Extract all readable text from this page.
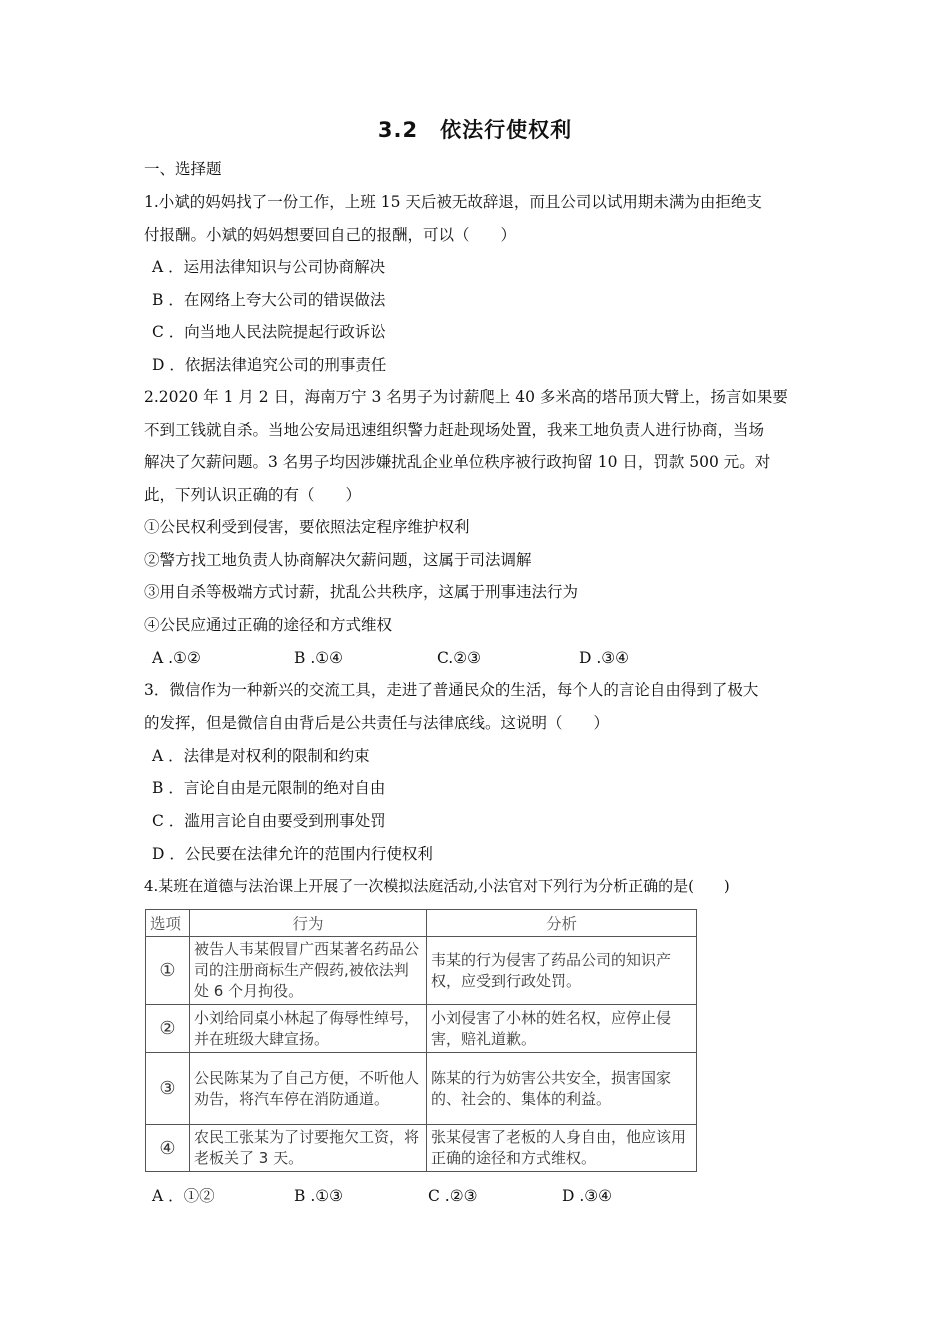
3.2　依法行使权利
一、选择题
1.小斌的妈妈找了一份工作，上班 15 天后被无故辞退，而且公司以试用期未满为由拒绝支
付报酬。小斌的妈妈想要回自己的报酬，可以（　　）
A ．运用法律知识与公司协商解决
B ．在网络上夸大公司的错误做法
C ．向当地人民法院提起行政诉讼
D ．依据法律追究公司的刑事责任
2.2020 年 1 月 2 日，海南万宁 3 名男子为讨薪爬上 40 多米高的塔吊顶大臂上，扬言如果要
不到工钱就自杀。当地公安局迅速组织警力赶赴现场处置，我来工地负责人进行协商，当场
解决了欠薪问题。3 名男子均因涉嫌扰乱企业单位秩序被行政拘留 10 日，罚款 500 元。对
此，下列认识正确的有（　　）
①公民权利受到侵害，要依照法定程序维护权利
②警方找工地负责人协商解决欠薪问题，这属于司法调解
③用自杀等极端方式讨薪，扰乱公共秩序，这属于刑事违法行为
④公民应通过正确的途径和方式维权
A .①②	B .①④	C.②③	D .③④
3．微信作为一种新兴的交流工具，走进了普通民众的生活，每个人的言论自由得到了极大
的发挥，但是微信自由背后是公共责任与法律底线。这说明（　　）
A ．法律是对权利的限制和约束
B ．言论自由是元限制的绝对自由
C ．滥用言论自由要受到刑事处罚
D ．公民要在法律允许的范围内行使权利
4.某班在道德与法治课上开展了一次模拟法庭活动,小法官对下列行为分析正确的是(　　)
选项	行为	分析
①	被告人韦某假冒广西某著名药品公司的注册商标生产假药,被依法判处 6 个月拘役。	韦某的行为侵害了药品公司的知识产权，应受到行政处罚。
②	小刘给同桌小林起了侮辱性绰号，并在班级大肆宣扬。	小刘侵害了小林的姓名权，应停止侵害，赔礼道歉。
③	公民陈某为了自己方便，不听他人劝告，将汽车停在消防通道。	陈某的行为妨害公共安全，损害国家的、社会的、集体的利益。
④	农民工张某为了讨要拖欠工资，将老板关了 3 天。	张某侵害了老板的人身自由，他应该用正确的途径和方式维权。
A ．①②	B .①③	C .②③	D .③④
